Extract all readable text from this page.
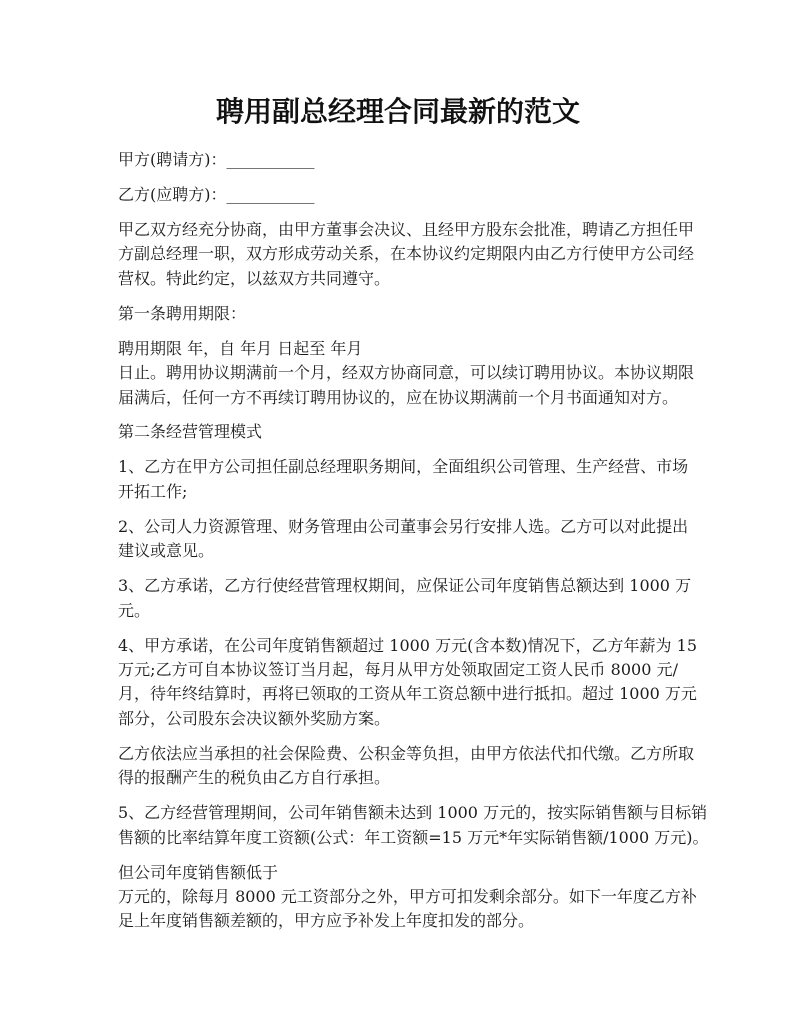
聘用副总经理合同最新的范文
甲方(聘请方)：___________
乙方(应聘方)：___________
甲乙双方经充分协商，由甲方董事会决议、且经甲方股东会批准，聘请乙方担任甲
方副总经理一职，双方形成劳动关系，在本协议约定期限内由乙方行使甲方公司经
营权。特此约定，以兹双方共同遵守。
第一条聘用期限：
聘用期限 年，自 年月 日起至 年月
日止。聘用协议期满前一个月，经双方协商同意，可以续订聘用协议。本协议期限
届满后，任何一方不再续订聘用协议的，应在协议期满前一个月书面通知对方。
第二条经营管理模式
1、乙方在甲方公司担任副总经理职务期间，全面组织公司管理、生产经营、市场
开拓工作;
2、公司人力资源管理、财务管理由公司董事会另行安排人选。乙方可以对此提出
建议或意见。
3、乙方承诺，乙方行使经营管理权期间，应保证公司年度销售总额达到 1000 万
元。
4、甲方承诺，在公司年度销售额超过 1000 万元(含本数)情况下，乙方年薪为 15
万元;乙方可自本协议签订当月起，每月从甲方处领取固定工资人民币 8000 元/
月，待年终结算时，再将已领取的工资从年工资总额中进行抵扣。超过 1000 万元
部分，公司股东会决议额外奖励方案。
乙方依法应当承担的社会保险费、公积金等负担，由甲方依法代扣代缴。乙方所取
得的报酬产生的税负由乙方自行承担。
5、乙方经营管理期间，公司年销售额未达到 1000 万元的，按实际销售额与目标销
售额的比率结算年度工资额(公式：年工资额=15 万元*年实际销售额/1000 万元)。
但公司年度销售额低于
万元的，除每月 8000 元工资部分之外，甲方可扣发剩余部分。如下一年度乙方补
足上年度销售额差额的，甲方应予补发上年度扣发的部分。
